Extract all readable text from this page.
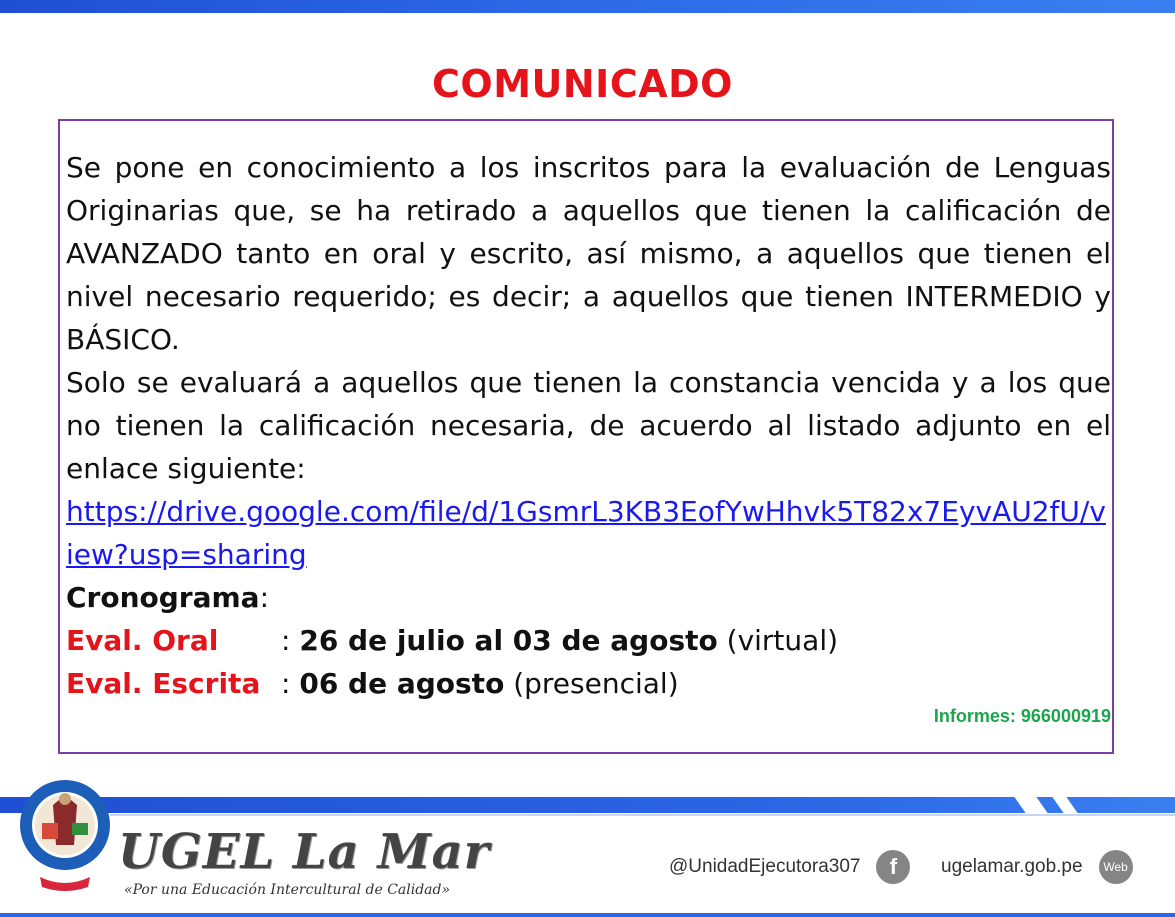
COMUNICADO

Se pone en conocimiento a los inscritos para la evaluación de Lenguas Originarias que, se ha retirado a aquellos que tienen la calificación de AVANZADO tanto en oral y escrito, así mismo, a aquellos que tienen el nivel necesario requerido; es decir; a aquellos que tienen INTERMEDIO y BÁSICO.

Solo se evaluará a aquellos que tienen la constancia vencida y a los que no tienen la calificación necesaria, de acuerdo al listado adjunto en el enlace siguiente:

https://drive.google.com/file/d/1GsmrL3KB3EofYwHhvk5T82x7EyvAU2fU/view?usp=sharing

Cronograma:

Eval. Oral	: 26 de julio al 03 de agosto (virtual)
Eval. Escrita : 06 de agosto (presencial)
Informes: 966000919
UGEL La Mar
«Por una Educación Intercultural de Calidad»
@UnidadEjecutora307	f	ugelamar.gob.pe	Web
